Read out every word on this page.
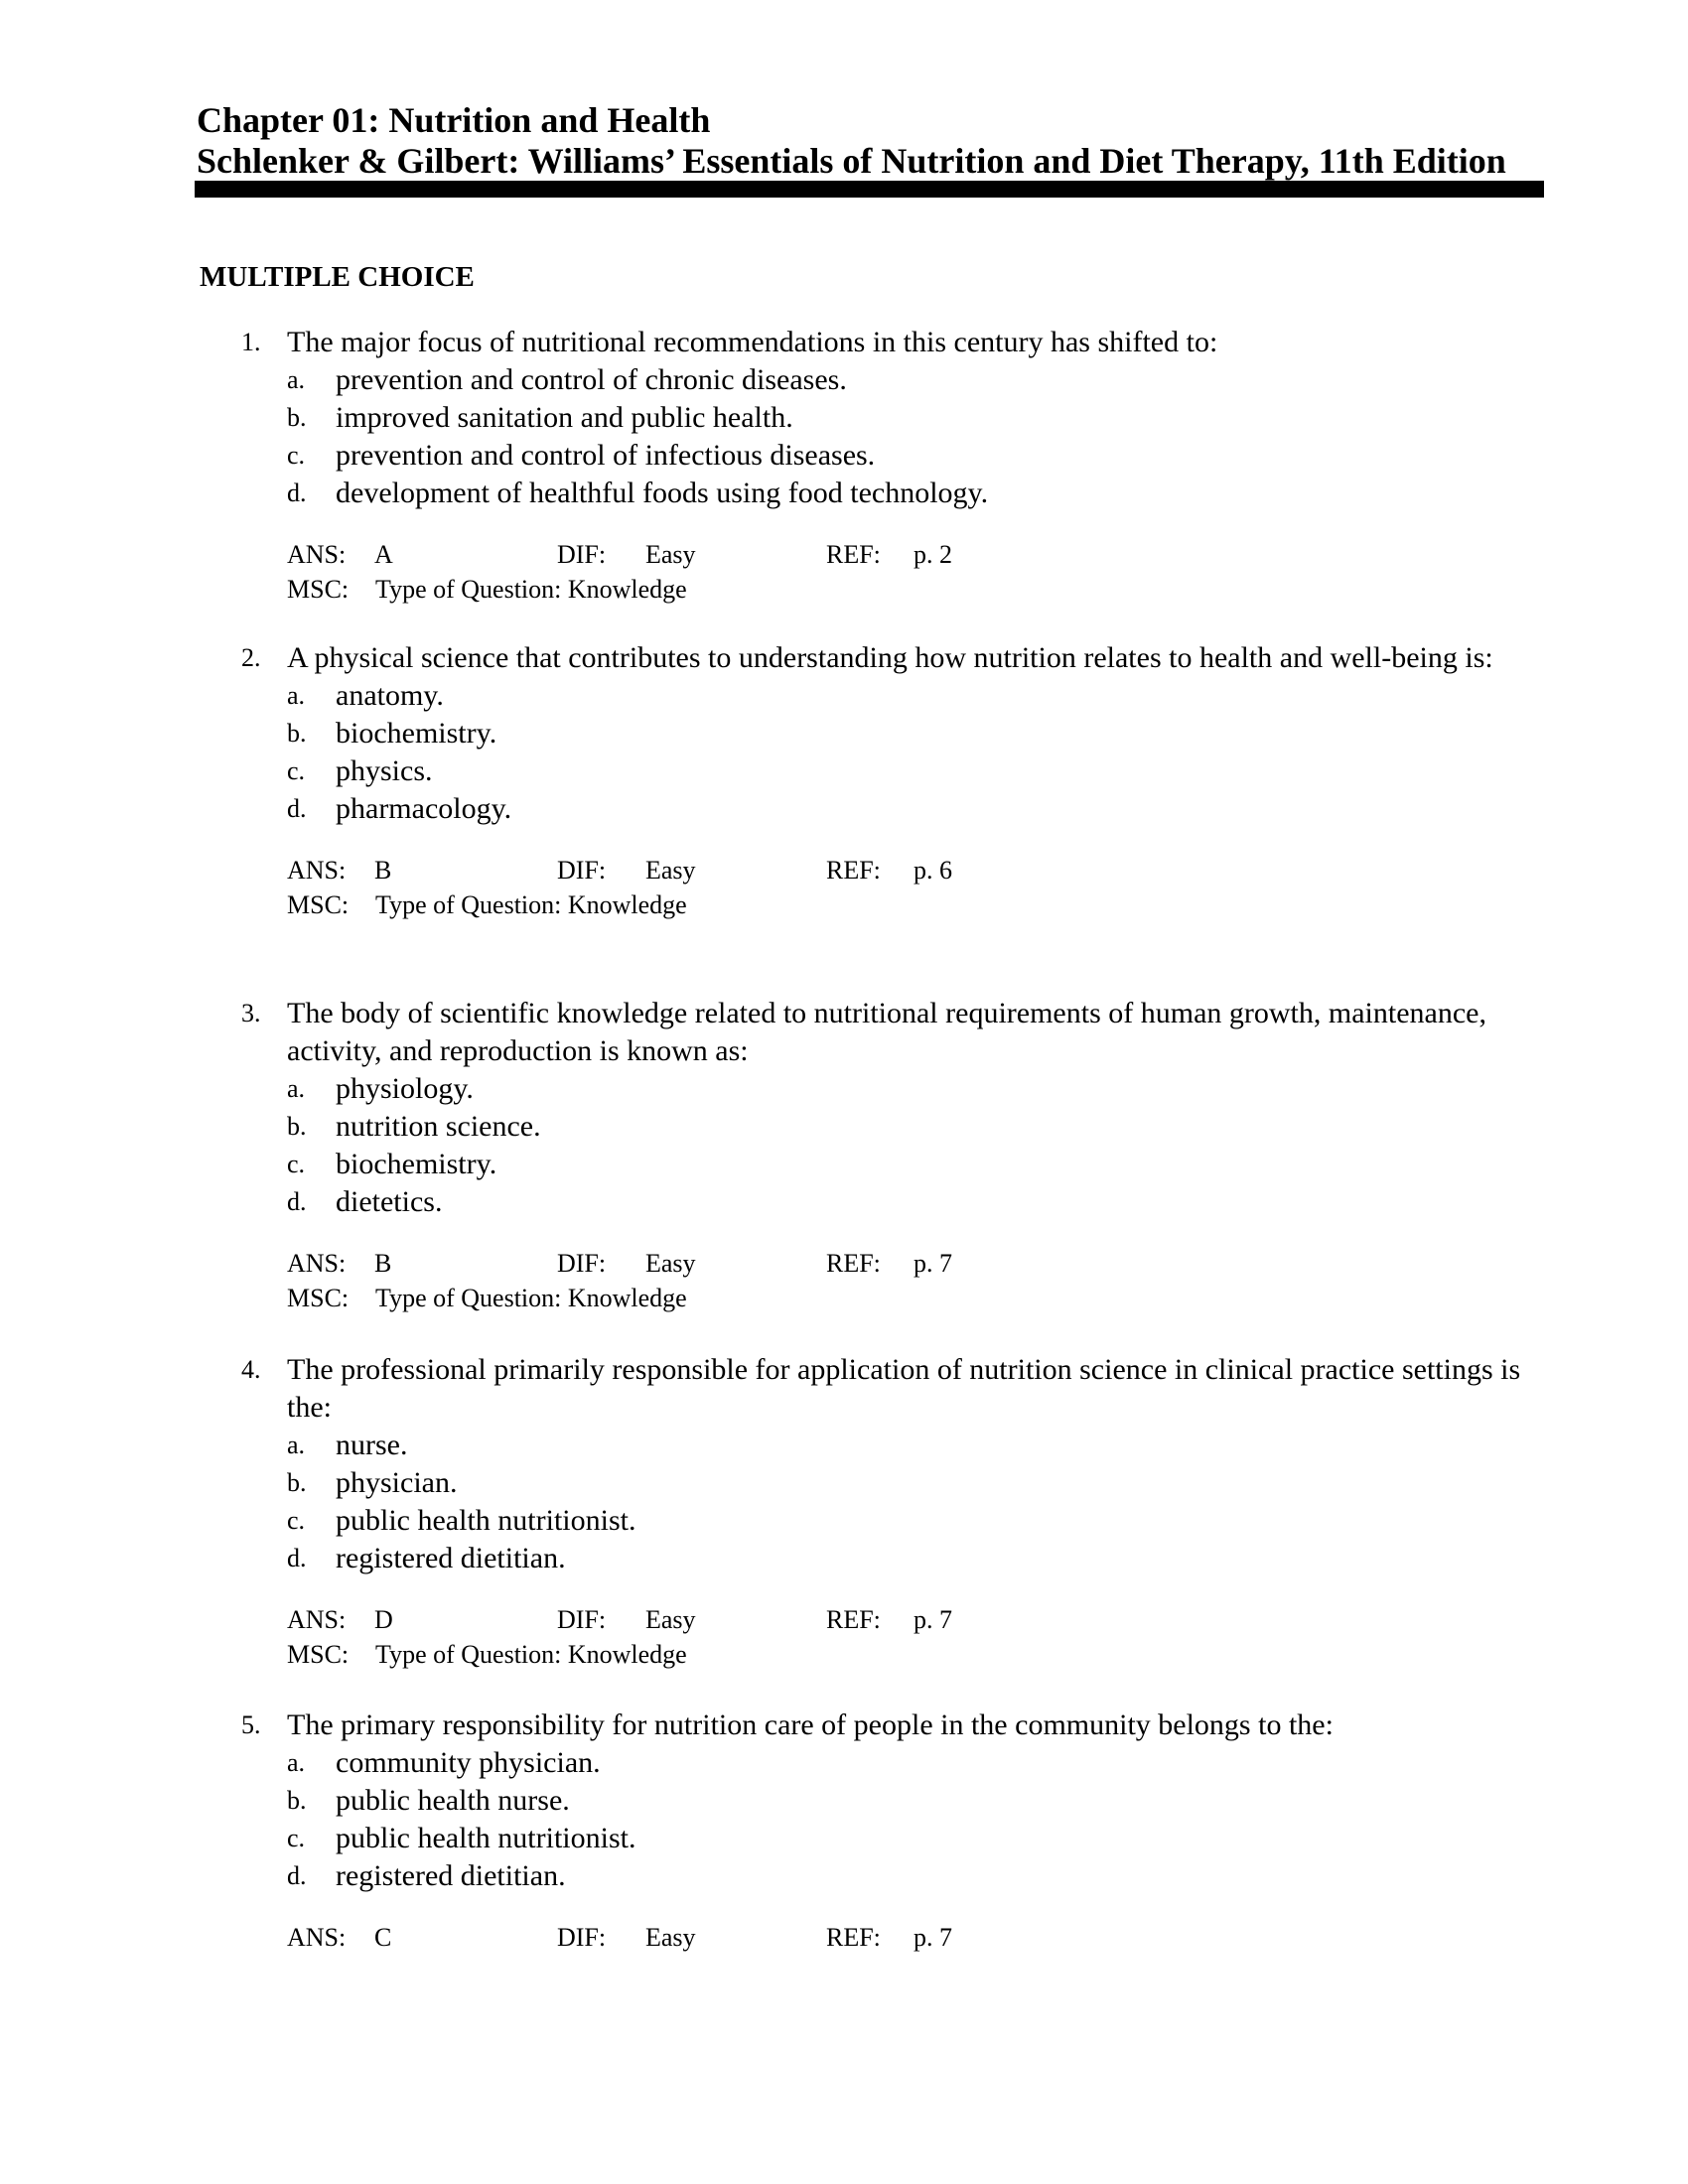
Chapter 01: Nutrition and Health
Schlenker & Gilbert: Williams’ Essentials of Nutrition and Diet Therapy, 11th Edition
MULTIPLE CHOICE
1. The major focus of nutritional recommendations in this century has shifted to:
a. prevention and control of chronic diseases.
b. improved sanitation and public health.
c. prevention and control of infectious diseases.
d. development of healthful foods using food technology.
ANS: A	DIF: Easy	REF: p. 2
MSC: Type of Question: Knowledge
2. A physical science that contributes to understanding how nutrition relates to health and well-being is:
a. anatomy.
b. biochemistry.
c. physics.
d. pharmacology.
ANS: B	DIF: Easy	REF: p. 6
MSC: Type of Question: Knowledge
3. The body of scientific knowledge related to nutritional requirements of human growth, maintenance, activity, and reproduction is known as:
a. physiology.
b. nutrition science.
c. biochemistry.
d. dietetics.
ANS: B	DIF: Easy	REF: p. 7
MSC: Type of Question: Knowledge
4. The professional primarily responsible for application of nutrition science in clinical practice settings is the:
a. nurse.
b. physician.
c. public health nutritionist.
d. registered dietitian.
ANS: D	DIF: Easy	REF: p. 7
MSC: Type of Question: Knowledge
5. The primary responsibility for nutrition care of people in the community belongs to the:
a. community physician.
b. public health nurse.
c. public health nutritionist.
d. registered dietitian.
ANS: C	DIF: Easy	REF: p. 7
